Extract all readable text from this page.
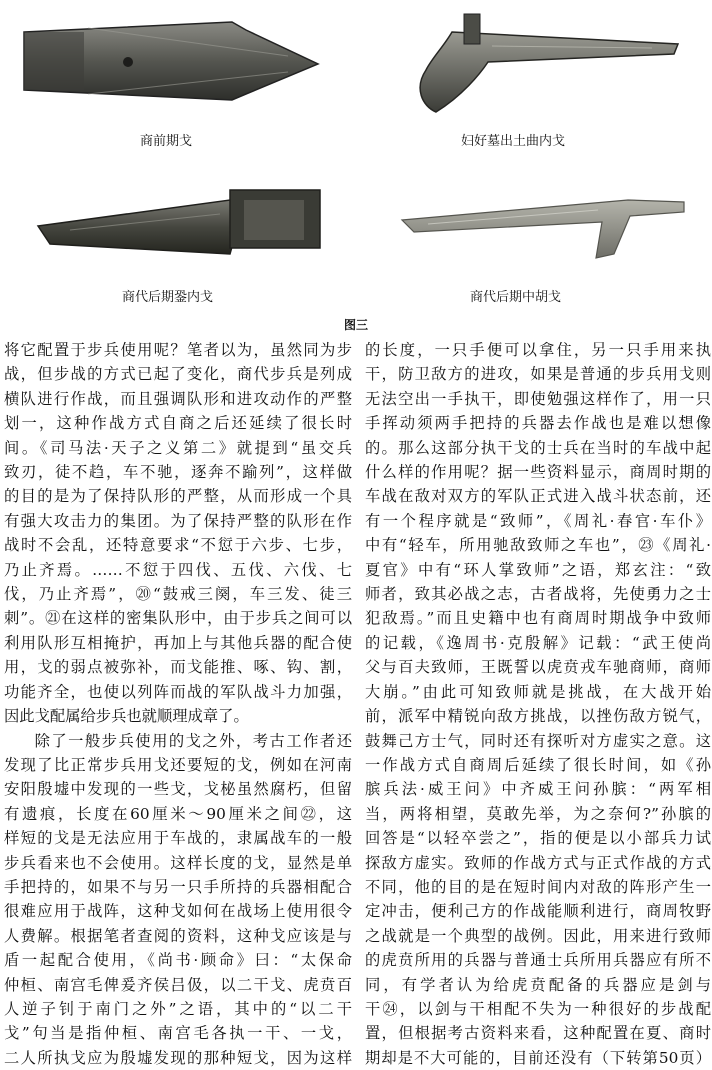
商前期戈	妇好墓出土曲内戈
商代后期銎内戈	商代后期中胡戈
图三

将它配置于步兵使用呢？笔者以为，虽然同为步

战，但步战的方式已起了变化，商代步兵是列成

横队进行作战，而且强调队形和进攻动作的严整

划一，这种作战方式自商之后还延续了很长时

间。《司马法·天子之义第二》就提到“虽交兵

致刃，徒不趋，车不驰，逐奔不踰列”，这样做

的目的是为了保持队形的严整，从而形成一个具

有强大攻击力的集团。为了保持严整的队形在作

战时不会乱，还特意要求“不愆于六步、七步，

乃止齐焉。……不愆于四伐、五伐、六伐、七

伐，乃止齐焉”，⑳“鼓戒三阕，车三发、徒三

刺”。㉑在这样的密集队形中，由于步兵之间可以

利用队形互相掩护，再加上与其他兵器的配合使

用，戈的弱点被弥补，而戈能推、啄、钩、割，

功能齐全，也使以列阵而战的军队战斗力加强，

因此戈配属给步兵也就顺理成章了。

除了一般步兵使用的戈之外，考古工作者还

发现了比正常步兵用戈还要短的戈，例如在河南

安阳殷墟中发现的一些戈，戈柲虽然腐朽，但留

有遗痕，长度在60厘米～90厘米之间㉒，这

样短的戈是无法应用于车战的，隶属战车的一般

步兵看来也不会使用。这样长度的戈，显然是单

手把持的，如果不与另一只手所持的兵器相配合

很难应用于战阵，这种戈如何在战场上使用很令

人费解。根据笔者查阅的资料，这种戈应该是与

盾一起配合使用，《尚书·顾命》曰：“太保命

仲桓、南宫毛俾爰齐侯吕伋，以二干戈、虎贲百

人逆子钊于南门之外”之语，其中的“以二干

戈”句当是指仲桓、南宫毛各执一干、一戈，

二人所执戈应为殷墟发现的那种短戈，因为这样

的长度，一只手便可以拿住，另一只手用来执

干，防卫敌方的进攻，如果是普通的步兵用戈则

无法空出一手执干，即使勉强这样作了，用一只

手挥动须两手把持的兵器去作战也是难以想像

的。那么这部分执干戈的士兵在当时的车战中起

什么样的作用呢？据一些资料显示，商周时期的

车战在敌对双方的军队正式进入战斗状态前，还

有一个程序就是“致师”，《周礼·春官·车仆》

中有“轻车，所用驰敌致师之车也”，㉓《周礼·

夏官》中有“环人掌致师”之语，郑玄注：“致

师者，致其必战之志，古者战将，先使勇力之士

犯敌焉。”而且史籍中也有商周时期战争中致师

的记载，《逸周书·克殷解》记载：“武王使尚

父与百夫致师，王既誓以虎贲戎车驰商师，商师

大崩。”由此可知致师就是挑战，在大战开始

前，派军中精锐向敌方挑战，以挫伤敌方锐气，

鼓舞己方士气，同时还有探听对方虚实之意。这

一作战方式自商周后延续了很长时间，如《孙

膑兵法·威王问》中齐威王问孙膑：“两军相

当，两将相望，莫敢先举，为之奈何?”孙膑的

回答是“以轻卒尝之”，指的便是以小部兵力试

探敌方虚实。致师的作战方式与正式作战的方式

不同，他的目的是在短时间内对敌的阵形产生一

定冲击，便利己方的作战能顺利进行，商周牧野

之战就是一个典型的战例。因此，用来进行致师

的虎贲所用的兵器与普通士兵所用兵器应有所不

同，有学者认为给虎贲配备的兵器应是剑与

干㉔，以剑与干相配不失为一种很好的步战配

置，但根据考古资料来看，这种配置在夏、商时

期却是不大可能的，目前还没有（下转第50页）
